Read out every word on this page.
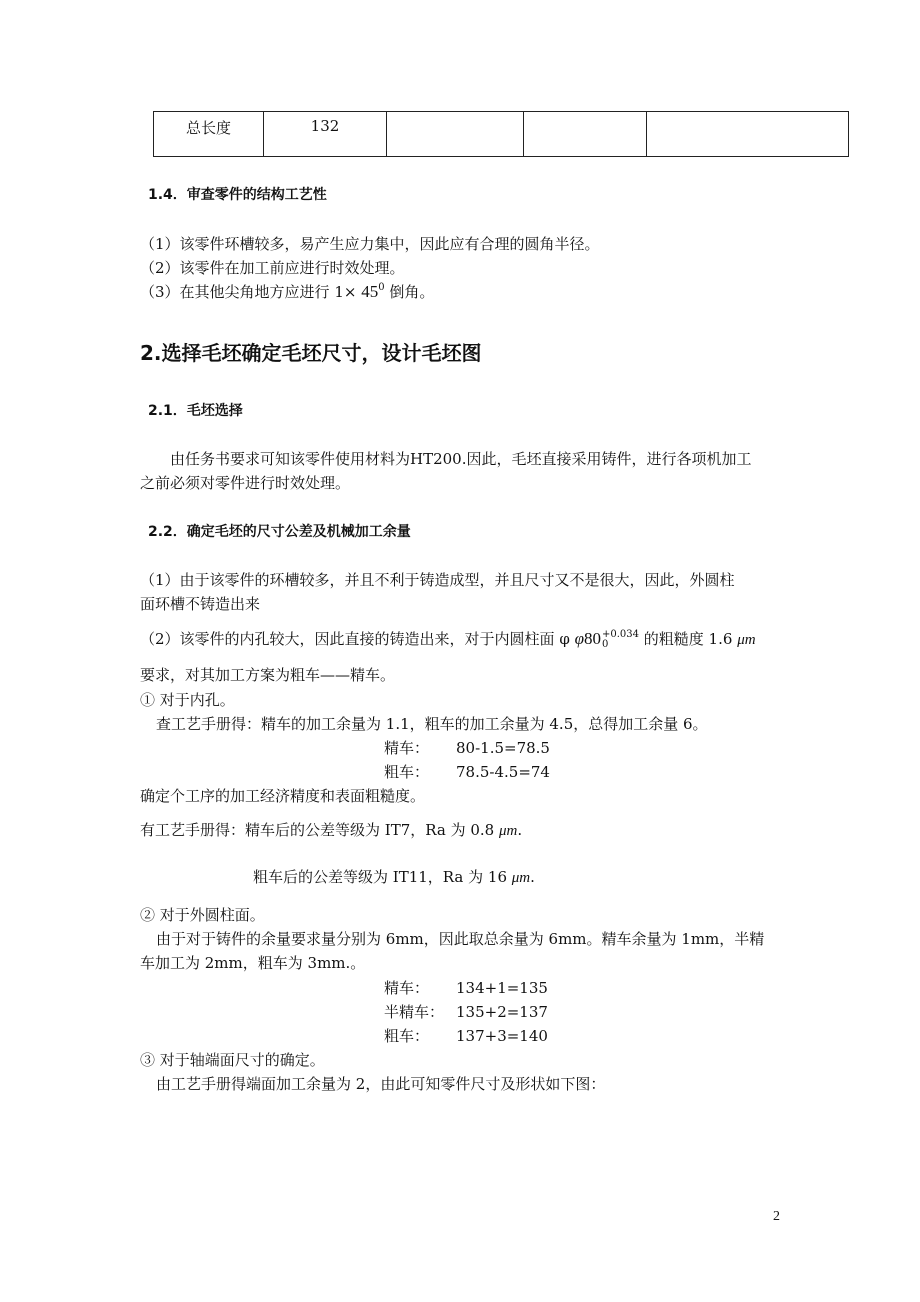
总长度	132			
1.4．审查零件的结构工艺性
（1）该零件环槽较多，易产生应力集中，因此应有合理的圆角半径。
（2）该零件在加工前应进行时效处理。
（3）在其他尖角地方应进行 $1\times 45^0$ 倒角。
2.选择毛坯确定毛坯尺寸，设计毛坯图
2.1．毛坯选择
由任务书要求可知该零件使用材料为HT200.因此，毛坯直接采用铸件，进行各项机加工
之前必须对零件进行时效处理。
2.2．确定毛坯的尺寸公差及机械加工余量
（1）由于该零件的环槽较多，并且不利于铸造成型，并且尺寸又不是很大，因此，外圆柱
面环槽不铸造出来
（2）该零件的内孔较大，因此直接的铸造出来，对于内圆柱面 φ φ80 +0.034
0	的粗糙度 1.6 μm
要求，对其加工方案为粗车——精车。
① 对于内孔。
查工艺手册得：精车的加工余量为 1.1，粗车的加工余量为 4.5，总得加工余量 6。
精车： 80-1.5=78.5
粗车： 78.5-4.5=74
确定个工序的加工经济精度和表面粗糙度。
有工艺手册得：精车后的公差等级为 IT7，Ra 为 0.8 μm.
粗车后的公差等级为 IT11，Ra 为 16 μm.
② 对于外圆柱面。
由于对于铸件的余量要求量分别为 6mm，因此取总余量为 6mm。精车余量为 1mm，半精
车加工为 2mm，粗车为 3mm.。
精车： 134+1=135
半精车： 135+2=137
粗车： 137+3=140
③ 对于轴端面尺寸的确定。
由工艺手册得端面加工余量为 2，由此可知零件尺寸及形状如下图：
2
